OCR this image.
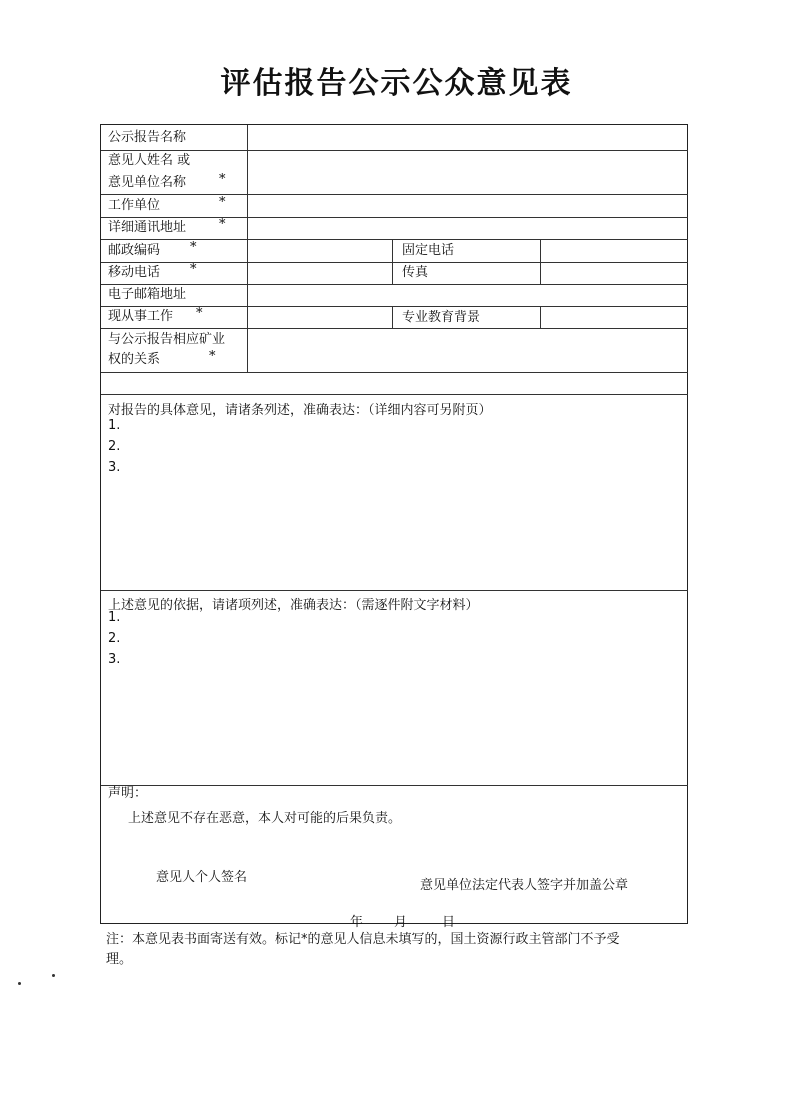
评估报告公示公众意见表
公示报告名称
意见人姓名 或
意见单位名称	*
工作单位	*
详细通讯地址	*
邮政编码 *	固定电话
移动电话 *	传真
电子邮箱地址
现从事工作 *	专业教育背景
与公示报告相应矿业
权的关系	*
对报告的具体意见，请诸条列述，准确表达：（详细内容可另附页）
1.
2.
3.
上述意见的依据，请诸项列述，准确表达：（需逐件附文字材料）
1.
2.
3.
声明：
上述意见不存在恶意，本人对可能的后果负责。
意见人个人签名
意见单位法定代表人签字并加盖公章
年 月	日
注：本意见表书面寄送有效。标记*的意见人信息未填写的，国土资源行政主管部门不予受
理。
